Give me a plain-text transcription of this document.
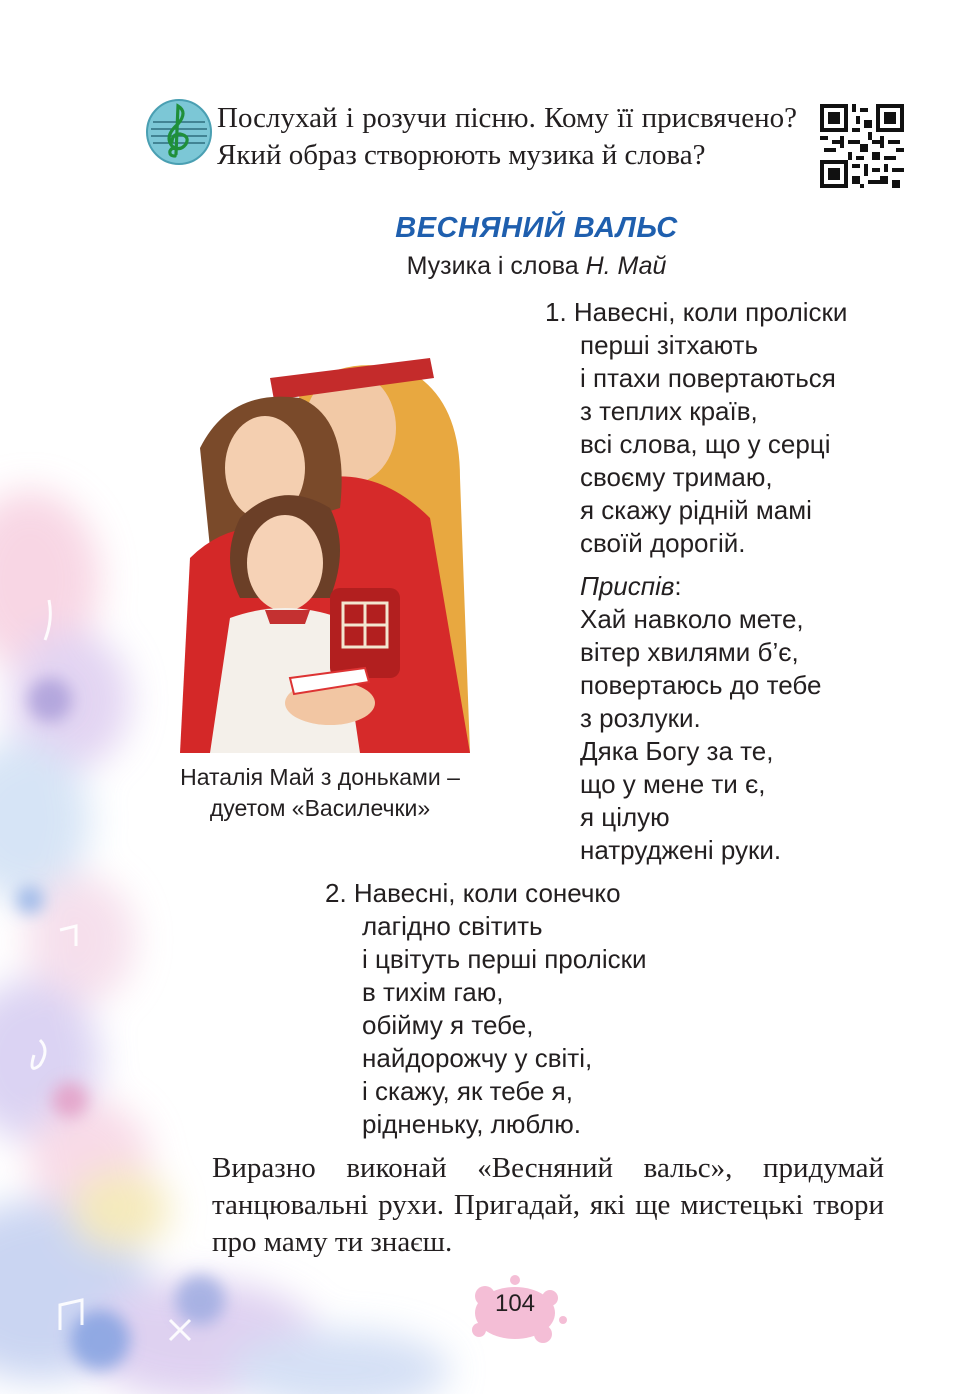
Послухай і розучи пісню. Кому її присвячено? Який образ створюють музика й слова?

ВЕСНЯНИЙ ВАЛЬС
Музика і слова Н. Май
Наталія Май з доньками –
дуетом «Василечки»
1. Навесні, коли проліски
перші зітхають
і птахи повертаються
з теплих країв,
всі слова, що у серці
своєму тримаю,
я скажу рідній мамі
своїй дорогій.
Приспів:
Хай навколо мете,
вітер хвилями б’є,
повертаюсь до тебе
з розлуки.
Дяка Богу за те,
що у мене ти є,
я цілую
натруджені руки.
2. Навесні, коли сонечко
лагідно світить
і цвітуть перші проліски
в тихім гаю,
обійму я тебе,
найдорожчу у світі,
і скажу, як тебе я,
рідненьку, люблю.

Виразно виконай «Весняний вальс», придумай танцювальні рухи. Пригадай, які ще мистецькі твори про маму ти знаєш.

104
